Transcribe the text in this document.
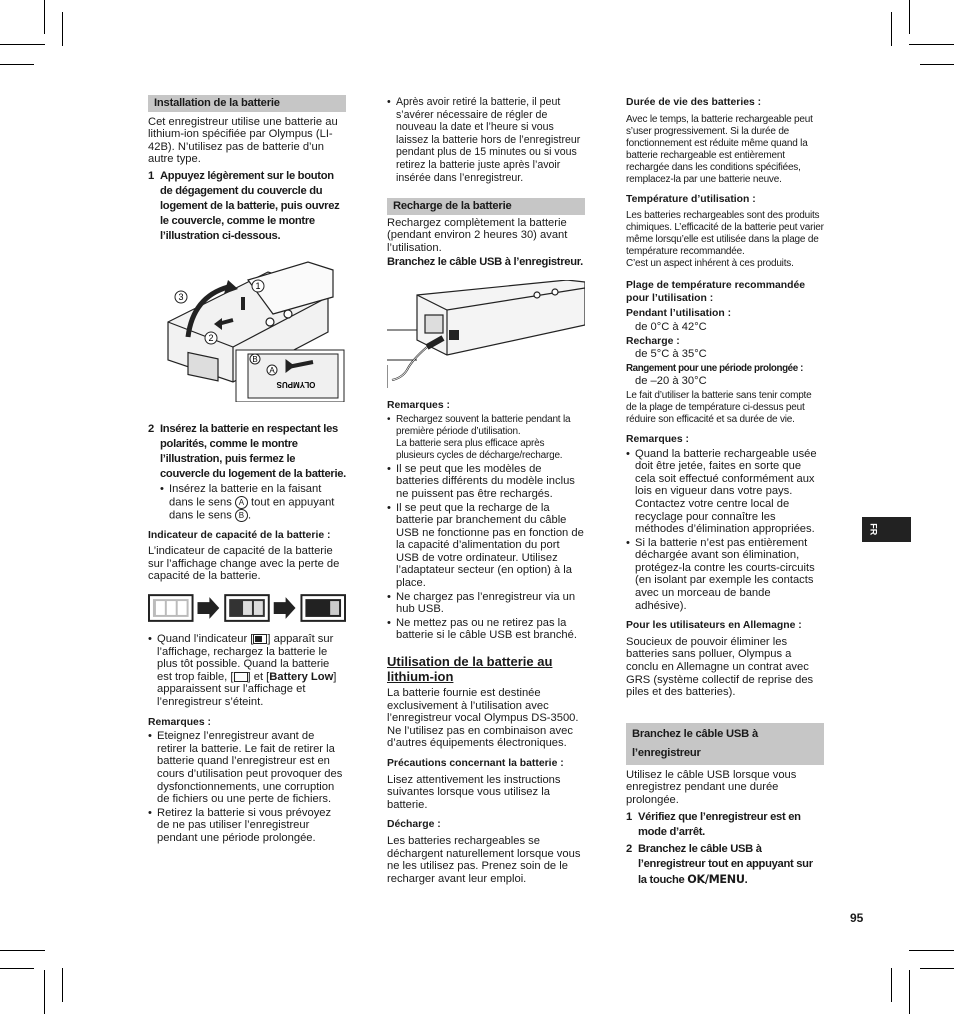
Installation de la batterie

Cet enregistreur utilise une batterie au lithium-ion spécifiée par Olympus (LI-42B). N’utilisez pas de batterie d’un autre type.

1 Appuyez légèrement sur le bouton de dégagement du couvercle du logement de la batterie, puis ouvrez le couvercle, comme le montre l’illustration ci-dessous.
3
1
2
B
A
OLYMPUS
2 Insérez la batterie en respectant les polarités, comme le montre l’illustration, puis fermez le couvercle du logement de la batterie.
• Insérez la batterie en la faisant
dans le sens A tout en appuyant
dans le sens B .

Indicateur de capacité de la batterie :

L’indicateur de capacité de la batterie sur l’affichage change avec la perte de capacité de la batterie.

• Quand l’indicateur [ ] apparaît sur l’affichage, rechargez la batterie le plus tôt possible. Quand la batterie est trop faible, [ ] et [Battery Low] apparaissent sur l’affichage et l’enregistreur s’éteint.

Remarques :

• Eteignez l’enregistreur avant de retirer la batterie. Le fait de retirer la batterie quand l’enregistreur est en cours d’utilisation peut provoquer des dysfonctionnements, une corruption de fichiers ou une perte de fichiers.
• Retirez la batterie si vous prévoyez de ne pas utiliser l’enregistreur pendant une période prolongée.
• Après avoir retiré la batterie, il peut s’avérer nécessaire de régler de nouveau la date et l’heure si vous laissez la batterie hors de l’enregistreur pendant plus de 15 minutes ou si vous retirez la batterie juste après l’avoir insérée dans l’enregistreur.
Recharge de la batterie

Rechargez complètement la batterie (pendant environ 2 heures 30) avant l’utilisation.

Branchez le câble USB à l’enregistreur.

Remarques :

• Rechargez souvent la batterie pendant la première période d’utilisation.
La batterie sera plus efficace après plusieurs cycles de décharge/recharge.
• Il se peut que les modèles de batteries différents du modèle inclus ne puissent pas être rechargés.
• Il se peut que la recharge de la batterie par branchement du câble USB ne fonctionne pas en fonction de la capacité d’alimentation du port USB de votre ordinateur. Utilisez l’adaptateur secteur (en option) à la place.
• Ne chargez pas l’enregistreur via un hub USB.
• Ne mettez pas ou ne retirez pas la batterie si le câble USB est branché.

Utilisation de la batterie au lithium-ion

La batterie fournie est destinée exclusivement à l’utilisation avec l’enregistreur vocal Olympus DS-3500. Ne l’utilisez pas en combinaison avec d’autres équipements électroniques.

Précautions concernant la batterie :

Lisez attentivement les instructions suivantes lorsque vous utilisez la batterie.

Décharge :

Les batteries rechargeables se déchargent naturellement lorsque vous ne les utilisez pas. Prenez soin de le recharger avant leur emploi.

Durée de vie des batteries :

Avec le temps, la batterie rechargeable peut s’user progressivement. Si la durée de fonctionnement est réduite même quand la batterie rechargeable est entièrement rechargée dans les conditions spécifiées, remplacez-la par une batterie neuve.

Température d’utilisation :

Les batteries rechargeables sont des produits chimiques. L’efficacité de la batterie peut varier même lorsqu’elle est utilisée dans la plage de température recommandée.

C’est un aspect inhérent à ces produits.

Plage de température recommandée pour l’utilisation :

Pendant l’utilisation :

de 0°C à 42°C

Recharge :

de 5°C à 35°C

Rangement pour une période prolongée :

de –20 à 30°C

Le fait d’utiliser la batterie sans tenir compte de la plage de température ci-dessus peut réduire son efficacité et sa durée de vie.

Remarques :

• Quand la batterie rechargeable usée doit être jetée, faites en sorte que cela soit effectué conformément aux lois en vigueur dans votre pays. Contactez votre centre local de recyclage pour connaître les méthodes d’élimination appropriées.
• Si la batterie n’est pas entièrement déchargée avant son élimination, protégez-la contre les courts-circuits (en isolant par exemple les contacts avec un morceau de bande adhésive).

Pour les utilisateurs en Allemagne :

Soucieux de pouvoir éliminer les batteries sans polluer, Olympus a conclu en Allemagne un contrat avec GRS (système collectif de reprise des piles et des batteries).

Branchez le câble USB à l’enregistreur

Utilisez le câble USB lorsque vous enregistrez pendant une durée prolongée.

1 Vérifiez que l’enregistreur est en mode d’arrêt.
2 Branchez le câble USB à l’enregistreur tout en appuyant sur la touche OK/MENU.
FR
95
